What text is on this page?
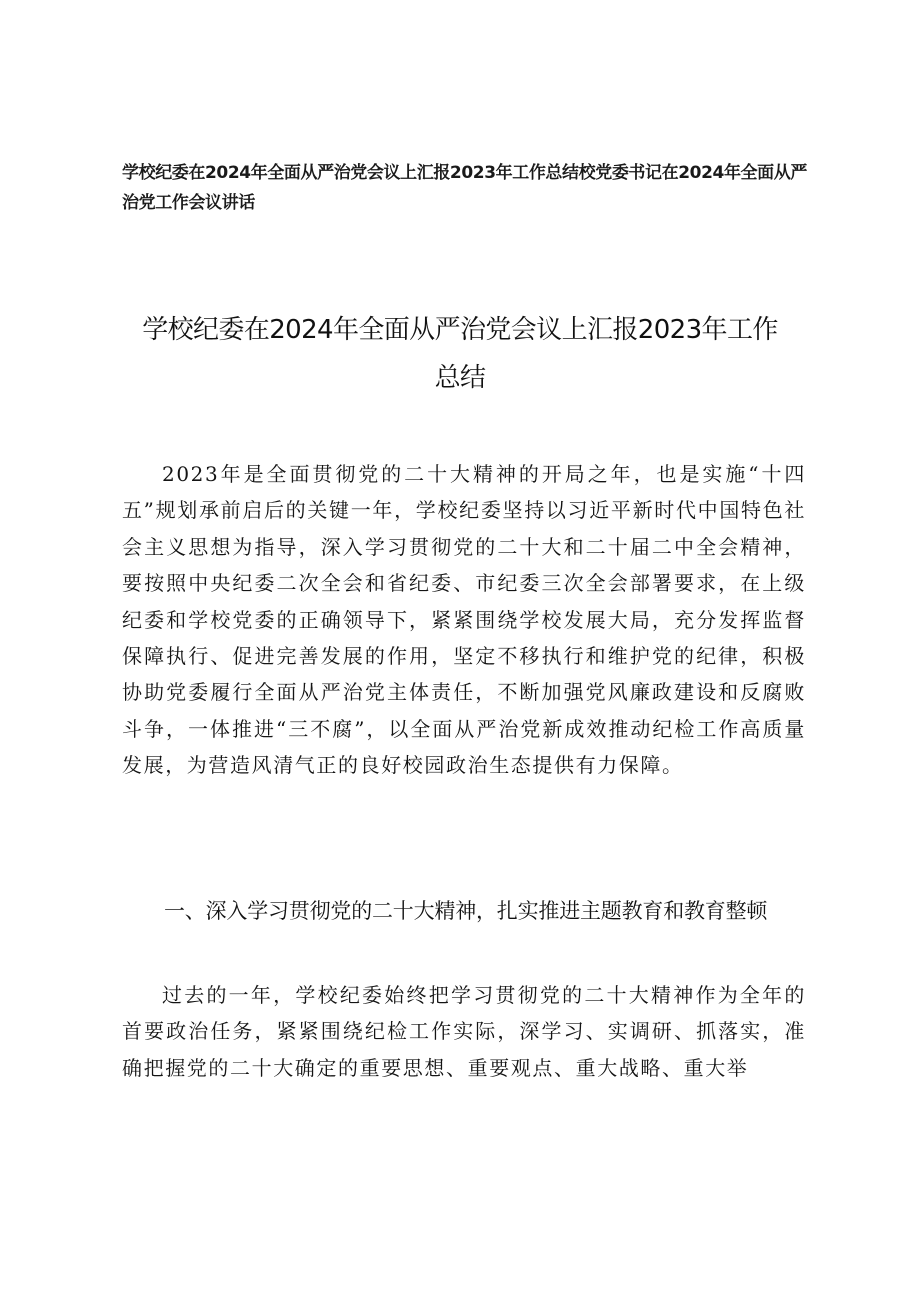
学校纪委在2024年全面从严治党会议上汇报2023年工作总结校党委书记在2024年全面从严治党工作会议讲话
学校纪委在2024年全面从严治党会议上汇报2023年工作总结
2023年是全面贯彻党的二十大精神的开局之年，也是实施“十四五”规划承前启后的关键一年，学校纪委坚持以习近平新时代中国特色社会主义思想为指导，深入学习贯彻党的二十大和二十届二中全会精神，要按照中央纪委二次全会和省纪委、市纪委三次全会部署要求，在上级纪委和学校党委的正确领导下，紧紧围绕学校发展大局，充分发挥监督保障执行、促进完善发展的作用，坚定不移执行和维护党的纪律，积极协助党委履行全面从严治党主体责任，不断加强党风廉政建设和反腐败斗争，一体推进“三不腐”，以全面从严治党新成效推动纪检工作高质量发展，为营造风清气正的良好校园政治生态提供有力保障。
一、深入学习贯彻党的二十大精神，扎实推进主题教育和教育整顿
过去的一年，学校纪委始终把学习贯彻党的二十大精神作为全年的首要政治任务，紧紧围绕纪检工作实际，深学习、实调研、抓落实，准确把握党的二十大确定的重要思想、重要观点、重大战略、重大举
